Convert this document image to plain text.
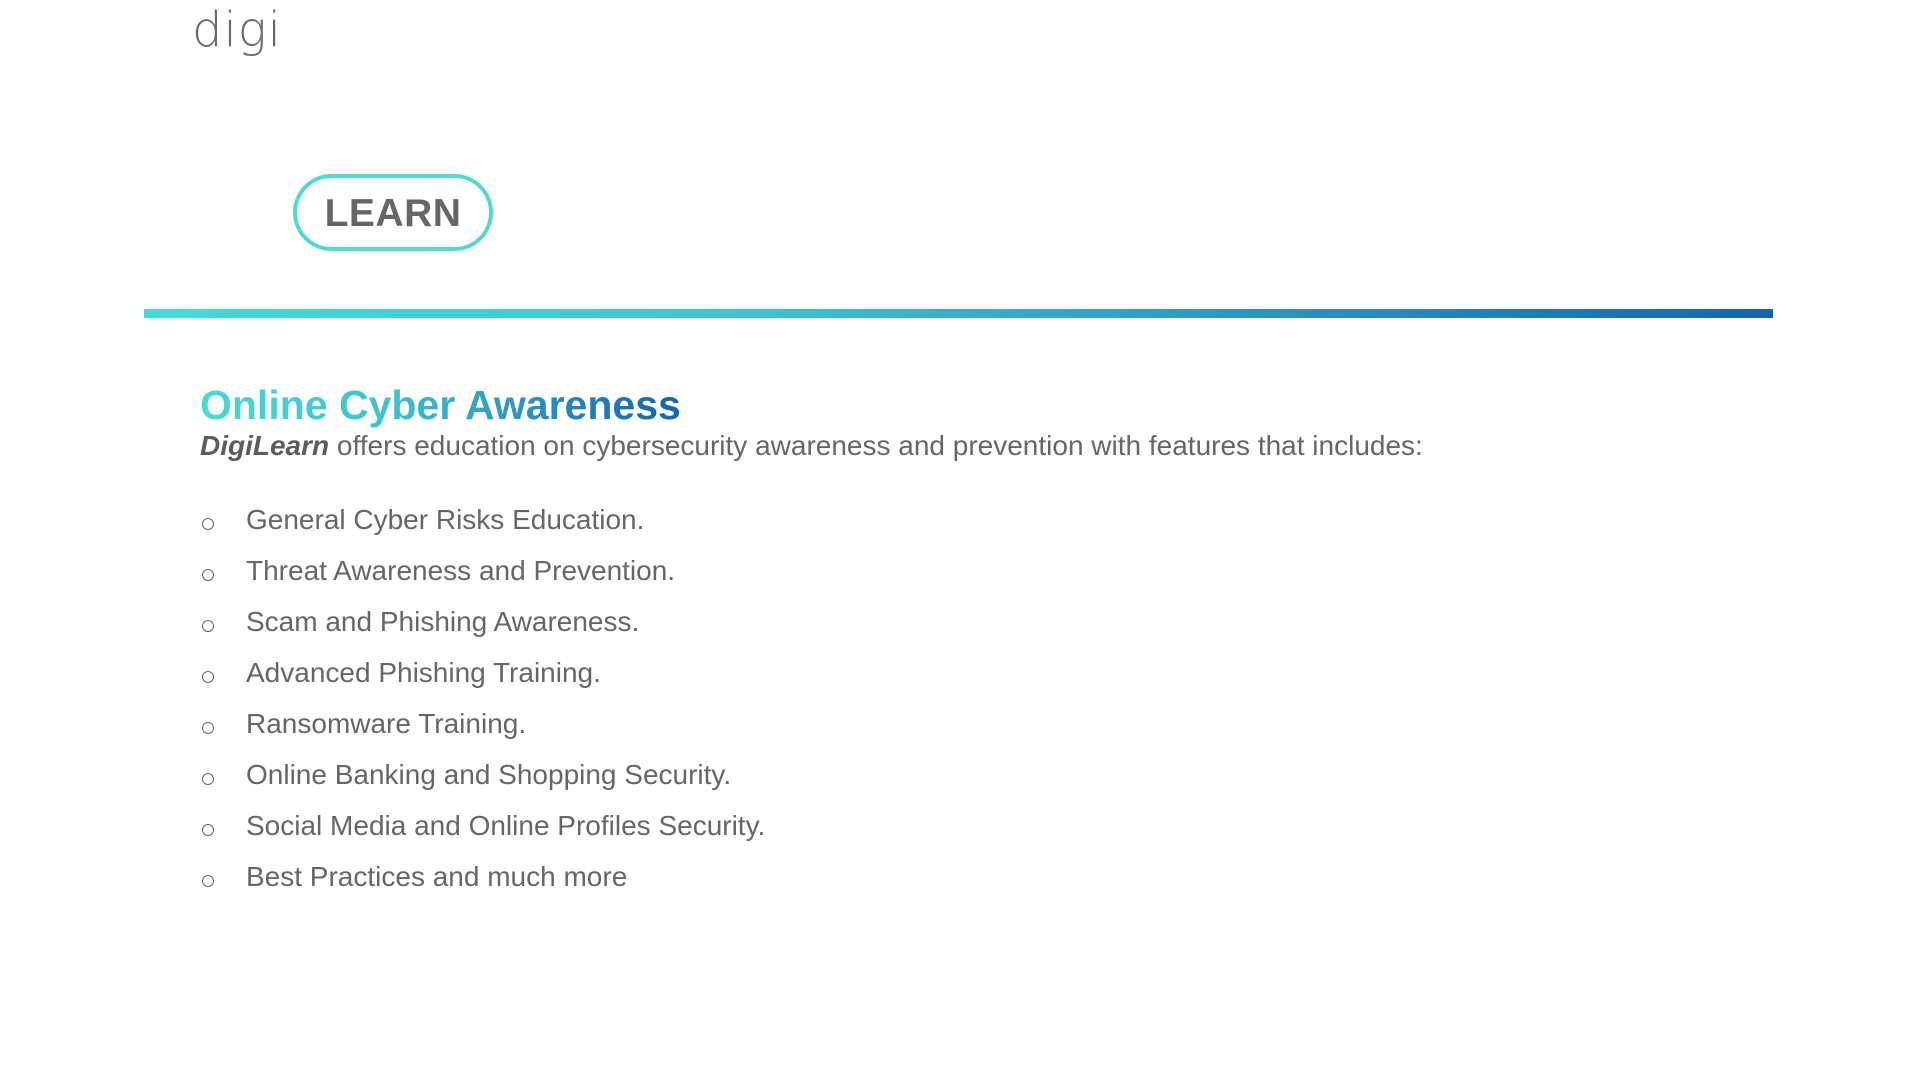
digi
LEARN
Online Cyber Awareness

DigiLearn offers education on cybersecurity awareness and prevention with features that includes:

General Cyber Risks Education.
Threat Awareness and Prevention.
Scam and Phishing Awareness.
Advanced Phishing Training.
Ransomware Training.
Online Banking and Shopping Security.
Social Media and Online Profiles Security.
Best Practices and much more
